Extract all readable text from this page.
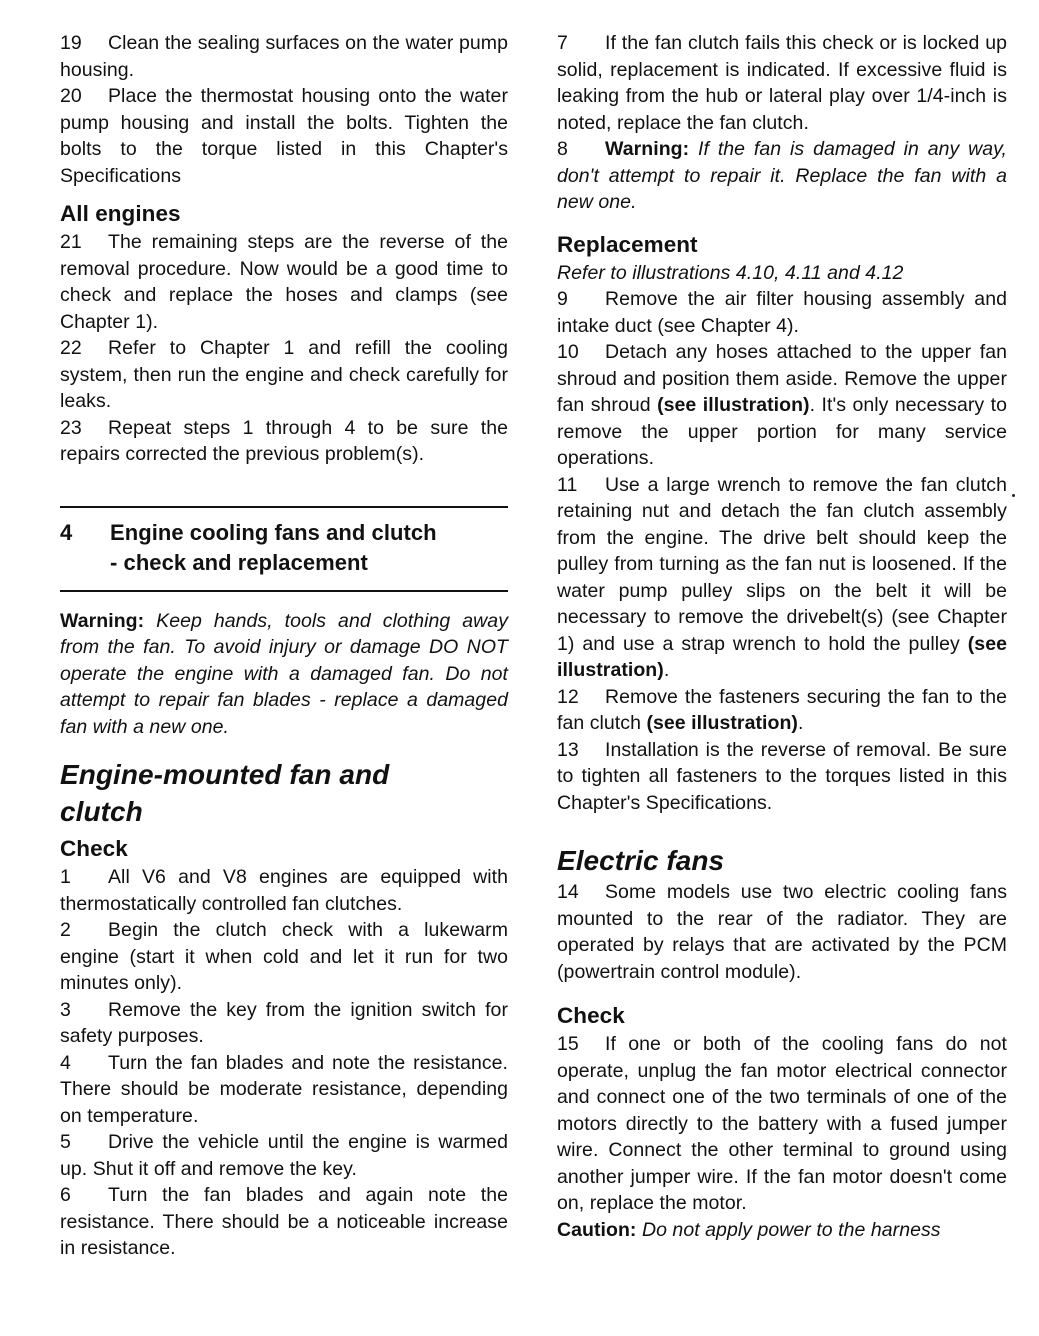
19 Clean the sealing surfaces on the water pump housing.

20 Place the thermostat housing onto the water pump housing and install the bolts. Tighten the bolts to the torque listed in this Chapter's Specifications

All engines

21 The remaining steps are the reverse of the removal procedure. Now would be a good time to check and replace the hoses and clamps (see Chapter 1).

22 Refer to Chapter 1 and refill the cooling system, then run the engine and check carefully for leaks.

23 Repeat steps 1 through 4 to be sure the repairs corrected the previous problem(s).

4	Engine cooling fans and clutch
- check and replacement

Warning: Keep hands, tools and clothing away from the fan. To avoid injury or damage DO NOT operate the engine with a damaged fan. Do not attempt to repair fan blades - replace a damaged fan with a new one.

Engine-mounted fan and
clutch
Check

1 All V6 and V8 engines are equipped with thermostatically controlled fan clutches.

2 Begin the clutch check with a lukewarm engine (start it when cold and let it run for two minutes only).

3 Remove the key from the ignition switch for safety purposes.

4 Turn the fan blades and note the resistance. There should be moderate resistance, depending on temperature.

5 Drive the vehicle until the engine is warmed up. Shut it off and remove the key.

6 Turn the fan blades and again note the resistance. There should be a noticeable increase in resistance.

7 If the fan clutch fails this check or is locked up solid, replacement is indicated. If excessive fluid is leaking from the hub or lateral play over 1/4-inch is noted, replace the fan clutch.

8 Warning: If the fan is damaged in any way, don't attempt to repair it. Replace the fan with a new one.

Replacement

Refer to illustrations 4.10, 4.11 and 4.12

9 Remove the air filter housing assembly and intake duct (see Chapter 4).

10 Detach any hoses attached to the upper fan shroud and position them aside. Remove the upper fan shroud (see illustration). It's only necessary to remove the upper portion for many service operations.

11 Use a large wrench to remove the fan clutch retaining nut and detach the fan clutch assembly from the engine. The drive belt should keep the pulley from turning as the fan nut is loosened. If the water pump pulley slips on the belt it will be necessary to remove the drivebelt(s) (see Chapter 1) and use a strap wrench to hold the pulley (see illustration).

12 Remove the fasteners securing the fan to the fan clutch (see illustration).

13 Installation is the reverse of removal. Be sure to tighten all fasteners to the torques listed in this Chapter's Specifications.

Electric fans

14 Some models use two electric cooling fans mounted to the rear of the radiator. They are operated by relays that are activated by the PCM (powertrain control module).

Check

15 If one or both of the cooling fans do not operate, unplug the fan motor electrical connector and connect one of the two terminals of one of the motors directly to the battery with a fused jumper wire. Connect the other terminal to ground using another jumper wire. If the fan motor doesn't come on, replace the motor.

Caution: Do not apply power to the harness
